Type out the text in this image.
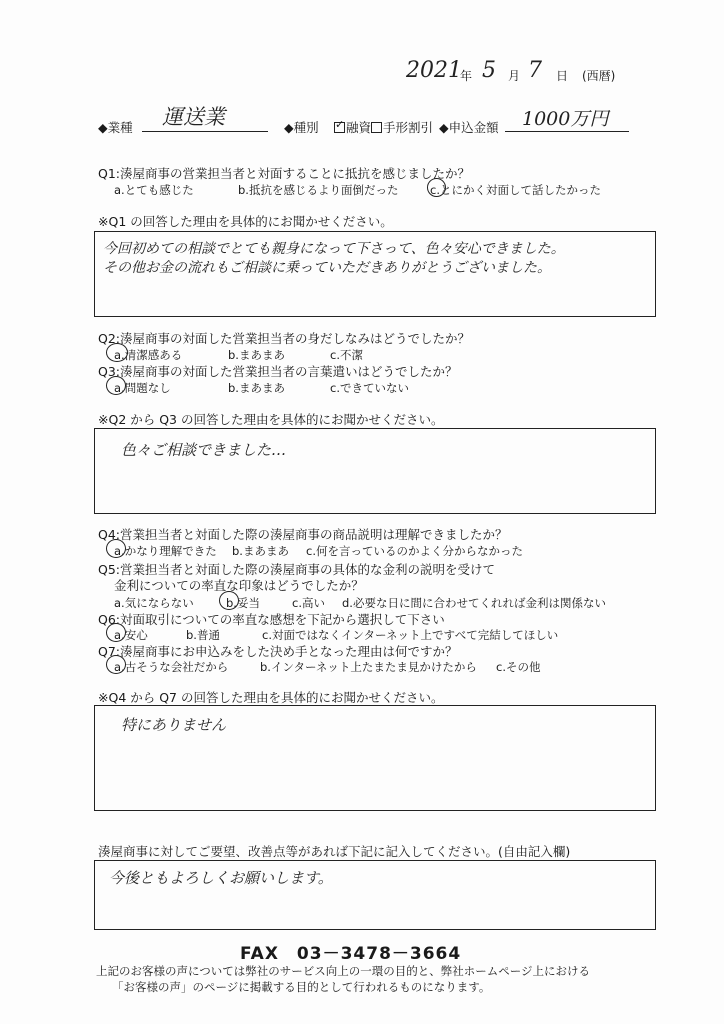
2021
年 5 月 7 日 (西暦)
◆業種 運送業	◆種別
✓	融資 手形割引 ◆申込金額 1000万円
Q1:湊屋商事の営業担当者と対面することに抵抗を感じましたか？
a.とても感じた	b.抵抗を感じるより面倒だった	c.とにかく対面して話したかった
※Q1 の回答した理由を具体的にお聞かせください。
今回初めての相談でとても親身になって下さって、色々安心できました。
その他お金の流れもご相談に乗っていただきありがとうございました。
Q2:湊屋商事の対面した営業担当者の身だしなみはどうでしたか？
a.清潔感ある	b.まあまあ	c.不潔
Q3:湊屋商事の対面した営業担当者の言葉遣いはどうでしたか？
a.問題なし	b.まあまあ	c.できていない
※Q2 から Q3 の回答した理由を具体的にお聞かせください。
色々ご相談できました…
Q4:営業担当者と対面した際の湊屋商事の商品説明は理解できましたか？
a.かなり理解できた b.まあまあ c.何を言っているのかよく分からなかった
Q5:営業担当者と対面した際の湊屋商事の具体的な金利の説明を受けて
金利についての率直な印象はどうでしたか？
a.気にならない	b.妥当	c.高い d.必要な日に間に合わせてくれれば金利は関係ない
Q6:対面取引についての率直な感想を下記から選択して下さい
a.安心	b.普通	c.対面ではなくインターネット上ですべて完結してほしい
Q7:湊屋商事にお申込みをした決め手となった理由は何ですか？
a.古そうな会社だから	b.インターネット上たまたま見かけたから c.その他
※Q4 から Q7 の回答した理由を具体的にお聞かせください。
特にありません
湊屋商事に対してご要望、改善点等があれば下記に記入してください。(自由記入欄)
今後ともよろしくお願いします。
FAX　03－3478－3664
上記のお客様の声については弊社のサービス向上の一環の目的と、弊社ホームページ上における
「お客様の声」のページに掲載する目的として行われるものになります。
